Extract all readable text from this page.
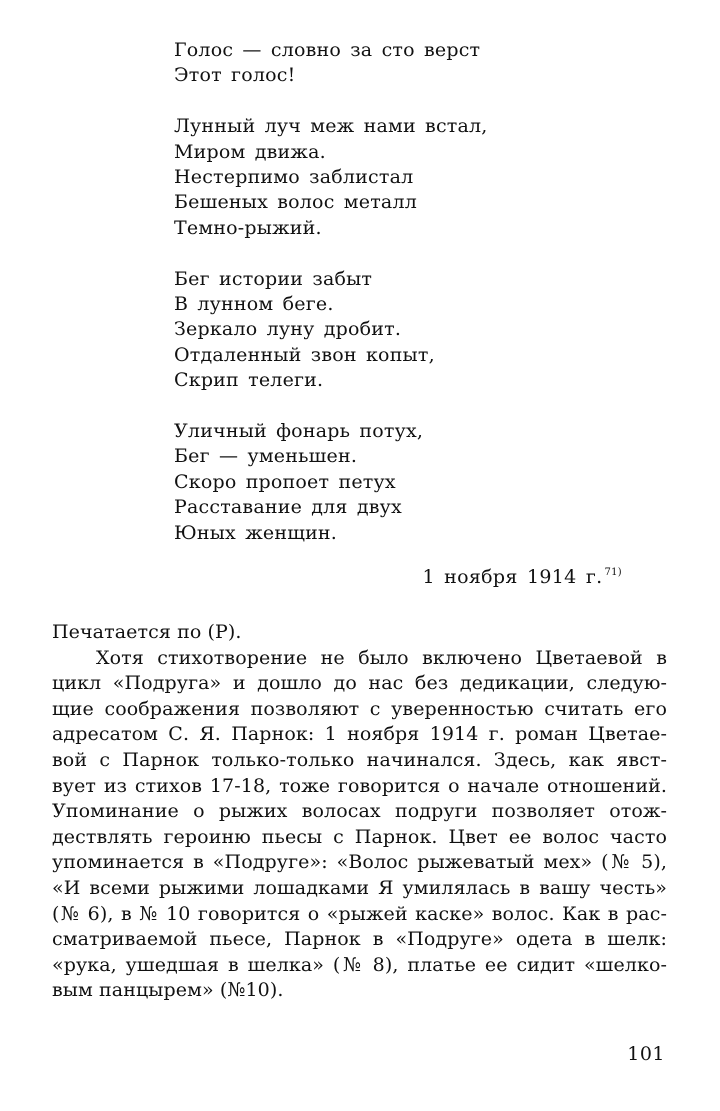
Голос — словно за сто верст
Этот голос!
Лунный луч меж нами встал,
Миром движа.
Нестерпимо заблистал
Бешеных волос металл
Темно-рыжий.
Бег истории забыт
В лунном беге.
Зеркало луну дробит.
Отдаленный звон копыт,
Скрип телеги.
Уличный фонарь потух,
Бег — уменьшен.
Скоро пропоет петух
Расставание для двух
Юных женщин.
1 ноября 1914 г. $^{71)}$
Печатается по (Р).
Хотя стихотворение не было включено Цветаевой в
цикл «Подруга» и дошло до нас без дедикации, следую-
щие соображения позволяют с уверенностью считать его
адресатом С. Я. Парнок: 1 ноября 1914 г. роман Цветае-
вой с Парнок только-только начинался. Здесь, как явст-
вует из стихов 17-18, тоже говорится о начале отношений.
Упоминание о рыжих волосах подруги позволяет отож-
дествлять героиню пьесы с Парнок. Цвет ее волос часто
упоминается в «Подруге»: «Волос рыжеватый мех» (№ 5),
«И всеми рыжими лошадками Я умилялась в вашу честь»
(№ 6), в № 10 говорится о «рыжей каске» волос. Как в рас-
сматриваемой пьесе, Парнок в «Подруге» одета в шелк:
«рука, ушедшая в шелка» (№ 8), платье ее сидит «шелко-
вым панцырем» (№10).
101
